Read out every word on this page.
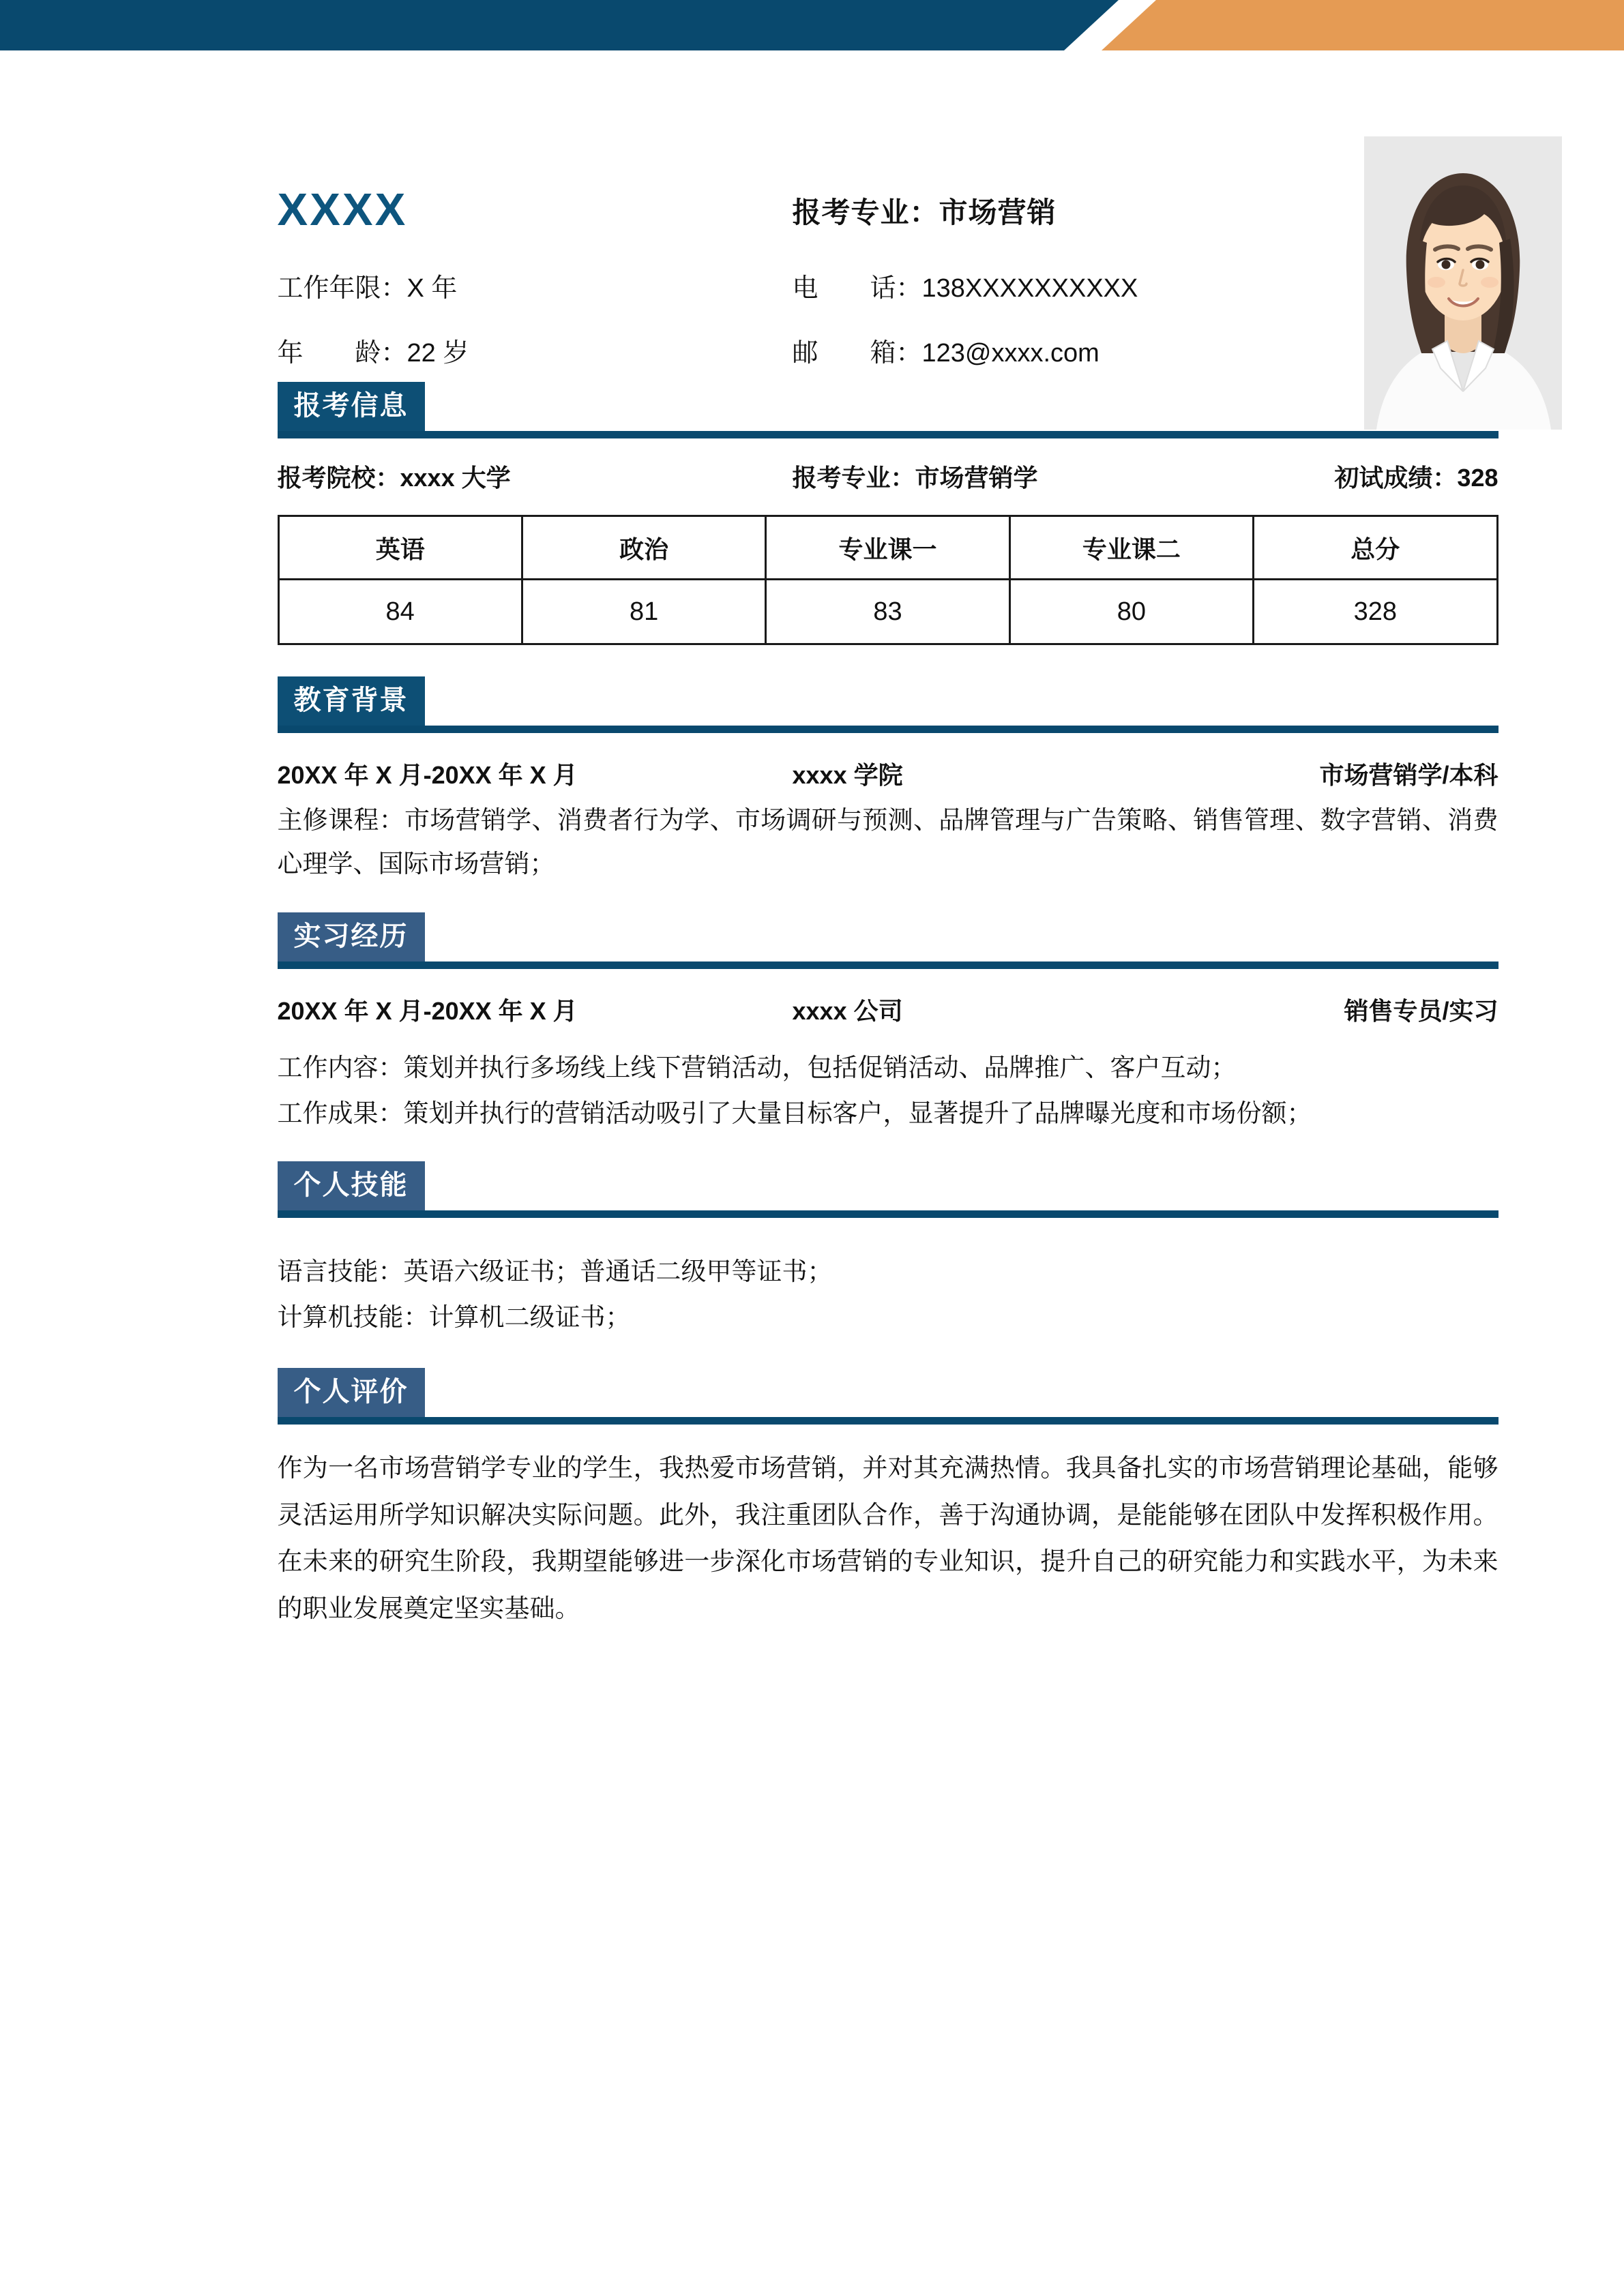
XXXX	报考专业：市场营销
工作年限：X 年
年　　龄：22 岁
电　　话：138XXXXXXXXXX
邮　　箱：123@xxxx.com
报考信息
报考院校：xxxx 大学	报考专业：市场营销学	初试成绩：328
英语	政治	专业课一	专业课二	总分
84	81	83	80	328
教育背景
20XX 年 X 月-20XX 年 X 月	xxxx 学院	市场营销学/本科

主修课程：市场营销学、消费者行为学、市场调研与预测、品牌管理与广告策略、销售管理、数字营销、消费心理学、国际市场营销；

实习经历
20XX 年 X 月-20XX 年 X 月	xxxx 公司	销售专员/实习
工作内容：策划并执行多场线上线下营销活动，包括促销活动、品牌推广、客户互动；
工作成果：策划并执行的营销活动吸引了大量目标客户，显著提升了品牌曝光度和市场份额；
个人技能
语言技能：英语六级证书；普通话二级甲等证书；
计算机技能：计算机二级证书；
个人评价

作为一名市场营销学专业的学生，我热爱市场营销，并对其充满热情。我具备扎实的市场营销理论基础，能够灵活运用所学知识解决实际问题。此外，我注重团队合作，善于沟通协调，是能能够在团队中发挥积极作用。在未来的研究生阶段，我期望能够进一步深化市场营销的专业知识，提升自己的研究能力和实践水平，为未来的职业发展奠定坚实基础。
